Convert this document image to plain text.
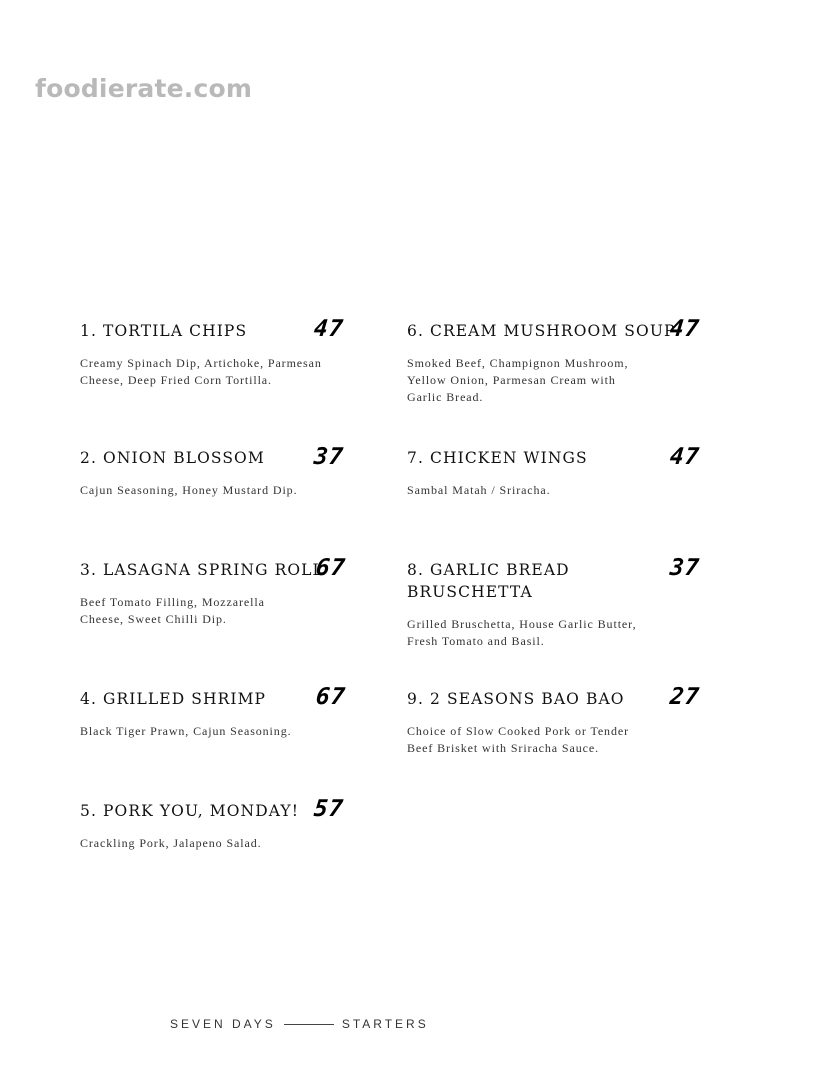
foodierate.com
1. TORTILA CHIPS
Creamy Spinach Dip, Artichoke, Parmesan Cheese, Deep Fried Corn Tortilla.
47
2. ONION BLOSSOM
Cajun Seasoning, Honey Mustard Dip.
37
3. LASAGNA SPRING ROLL
Beef Tomato Filling, Mozzarella Cheese, Sweet Chilli Dip.
67
4. GRILLED SHRIMP
Black Tiger Prawn, Cajun Seasoning.
67
5. PORK YOU, MONDAY!
Crackling Pork, Jalapeno Salad.
57
6. CREAM MUSHROOM SOUP
Smoked Beef, Champignon Mushroom, Yellow Onion, Parmesan Cream with Garlic Bread.
47
7. CHICKEN WINGS
Sambal Matah / Sriracha.
47
8. GARLIC BREAD BRUSCHETTA
Grilled Bruschetta, House Garlic Butter, Fresh Tomato and Basil.
37
9. 2 SEASONS BAO BAO
Choice of Slow Cooked Pork or Tender Beef Brisket with Sriracha Sauce.
27
SEVEN DAYS	STARTERS
